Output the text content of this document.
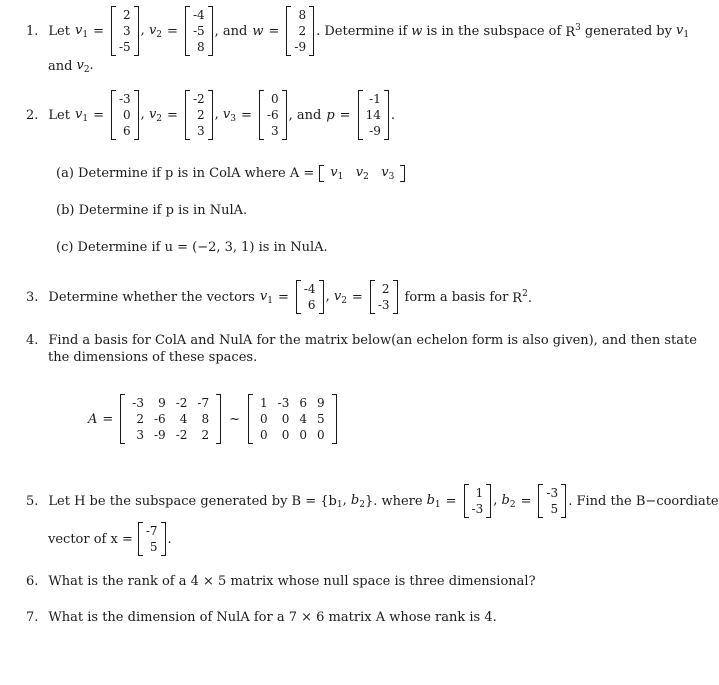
1. Let $v_1$ =
2
3
-5
, $v_2$ =
-4
-5
8
, and w =
8
2
-9
. Determine if w is in the subspace of $R^3$ generated by $v_1$
and $v_2$.
2. Let $v_1$ =
-3
0
6
, $v_2$ =
-2
2
3
, $v_3$ =
0
-6
3
, and p =
-1
14
-9
.
(a) Determine if p is in ColA where A =	$v_1$ $v_2$ $v_3$
(b) Determine if p is in NulA.
(c) Determine if u = (−2, 3, 1) is in NulA.
3. Determine whether the vectors $v_1$ =
-4
6
, $v_2$ =
2
-3
form a basis for $R^2$.
4. Find a basis for ColA and NulA for the matrix below(an echelon form is also given), and then state
the dimensions of these spaces.
A =
-3	9 -2 -7
2 -6	4	8
3 -9 -2	2
~
1 -3 6 9
0	0 4 5
0	0 0 0
5. Let H be the subspace generated by B = {b $_1$, $b_2$ }. where $b_1$ =
1
-3
, $b_2$ =
-3
5
. Find the B−coordiate
vector of x =
-7
5
.
6. What is the rank of a 4 × 5 matrix whose null space is three dimensional?
7. What is the dimension of NulA for a 7 × 6 matrix A whose rank is 4.
